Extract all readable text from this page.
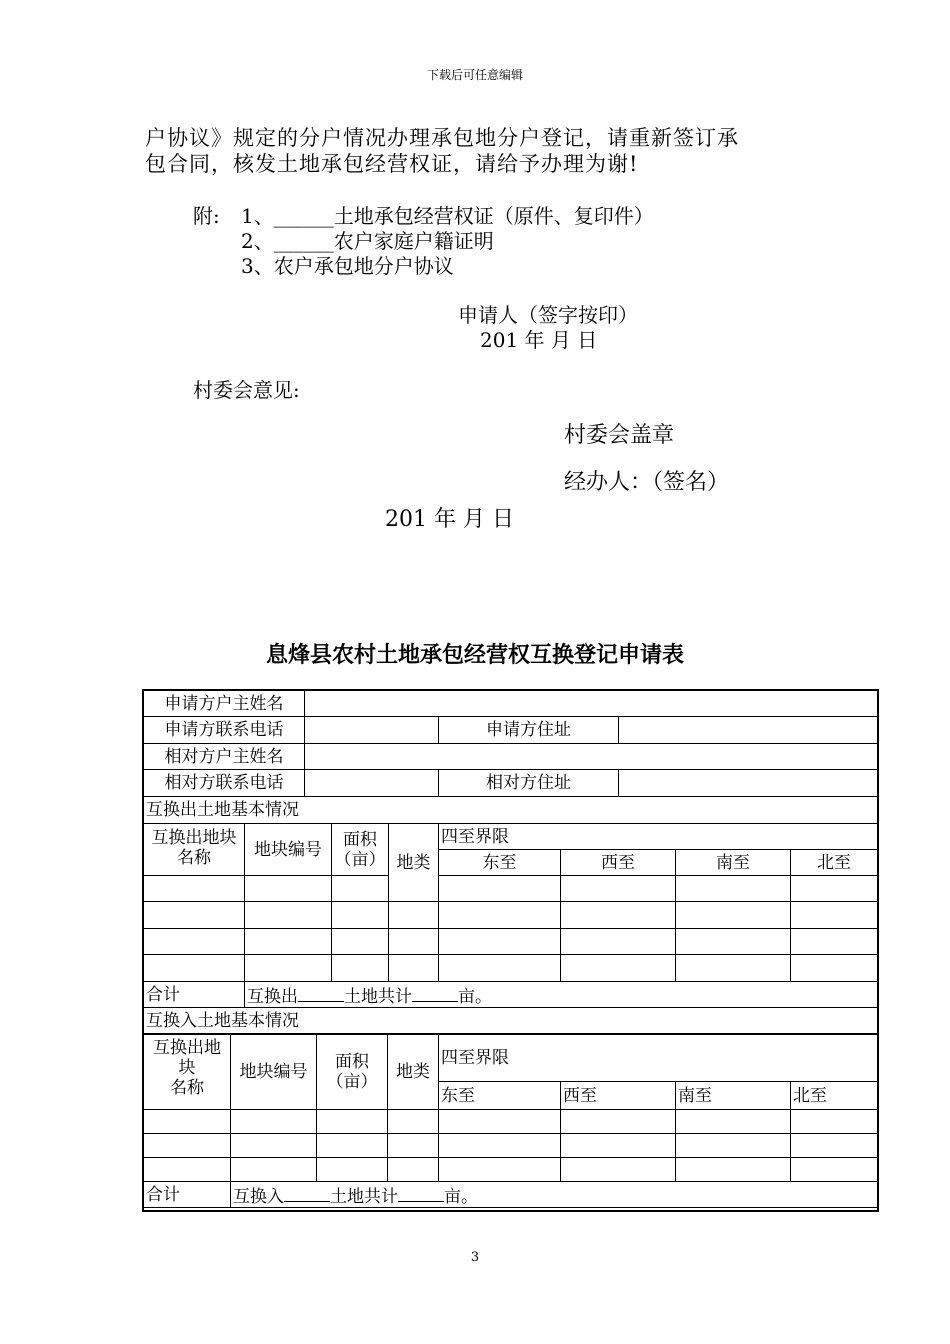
下载后可任意编辑
户协议》规定的分户情况办理承包地分户登记，请重新签订承
包合同，核发土地承包经营权证，请给予办理为谢!
附: 1、______土地承包经营权证（原件、复印件）
2、______农户家庭户籍证明
3、农户承包地分户协议
申请人（签字按印）
201 年 月 日
村委会意见:
村委会盖章
经办人：（签名）
201 年 月 日
息烽县农村土地承包经营权互换登记申请表
申请方户主姓名			
申请方联系电话		申请方住址	
相对方户主姓名			
相对方联系电话		相对方住址	
互换出土地基本情况			
互换出地块名称	地块编号	面积（亩）	地类	四至界限			
				东至	西至	南至	北至

合计	互换出 土地共计 亩。						
互换入土地基本情况							
互换出地
块
名称	地块编号	面积（亩）	地类	四至界限			
				东至	西至	南至	北至

合计	互换入 土地共计 亩。						
3
